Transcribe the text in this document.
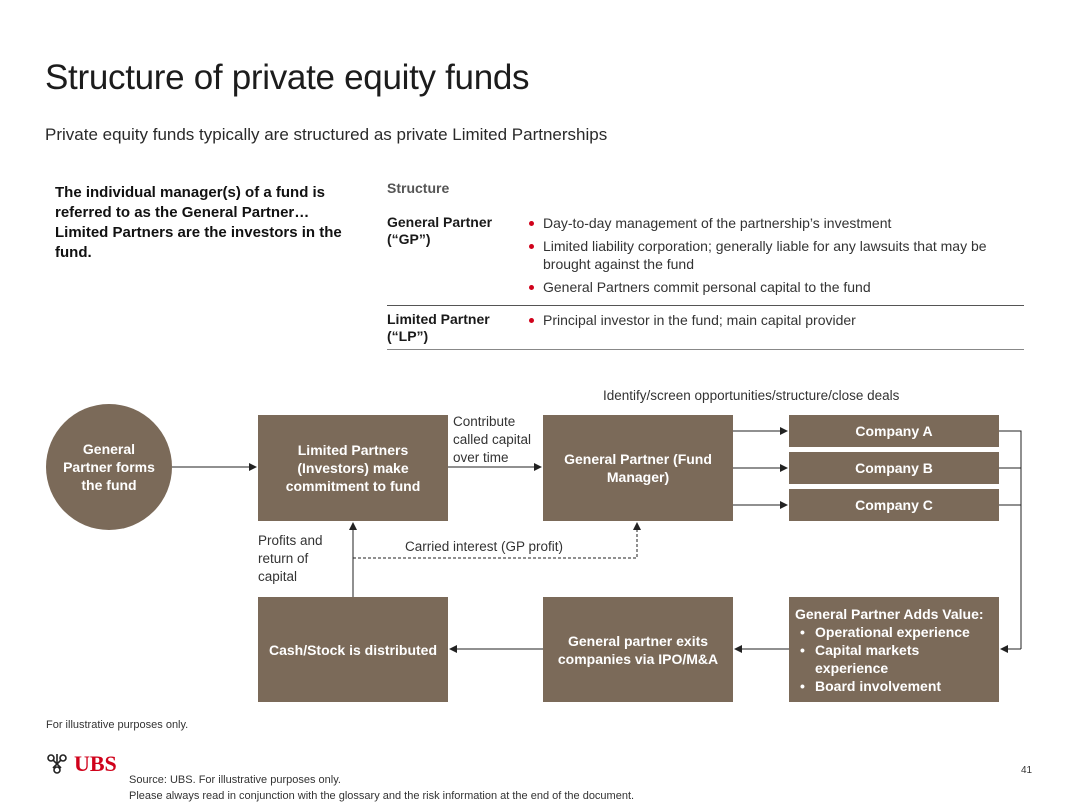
Structure of private equity funds
Private equity funds typically are structured as private Limited Partnerships
The individual manager(s) of a fund is referred to as the General Partner… Limited Partners are the investors in the fund.
Structure
General Partner (“GP”)
Day-to-day management of the partnership’s investment
Limited liability corporation; generally liable for any lawsuits that may be brought against the fund
General Partners commit personal capital to the fund
Limited Partner (“LP”)
Principal investor in the fund; main capital provider
General Partner forms the fund
Limited Partners (Investors) make commitment to fund
General Partner (Fund Manager)
Company A
Company B
Company C
Cash/Stock is distributed
General partner exits companies via IPO/M&A
General Partner Adds Value:
• Operational experience
• Capital markets experience
• Board involvement
Identify/screen opportunities/structure/close deals
Contribute called capital over time
Profits and return of capital
Carried interest (GP profit)
For illustrative purposes only.
UBS
Source: UBS. For illustrative purposes only.
Please always read in conjunction with the glossary and the risk information at the end of the document.
41
